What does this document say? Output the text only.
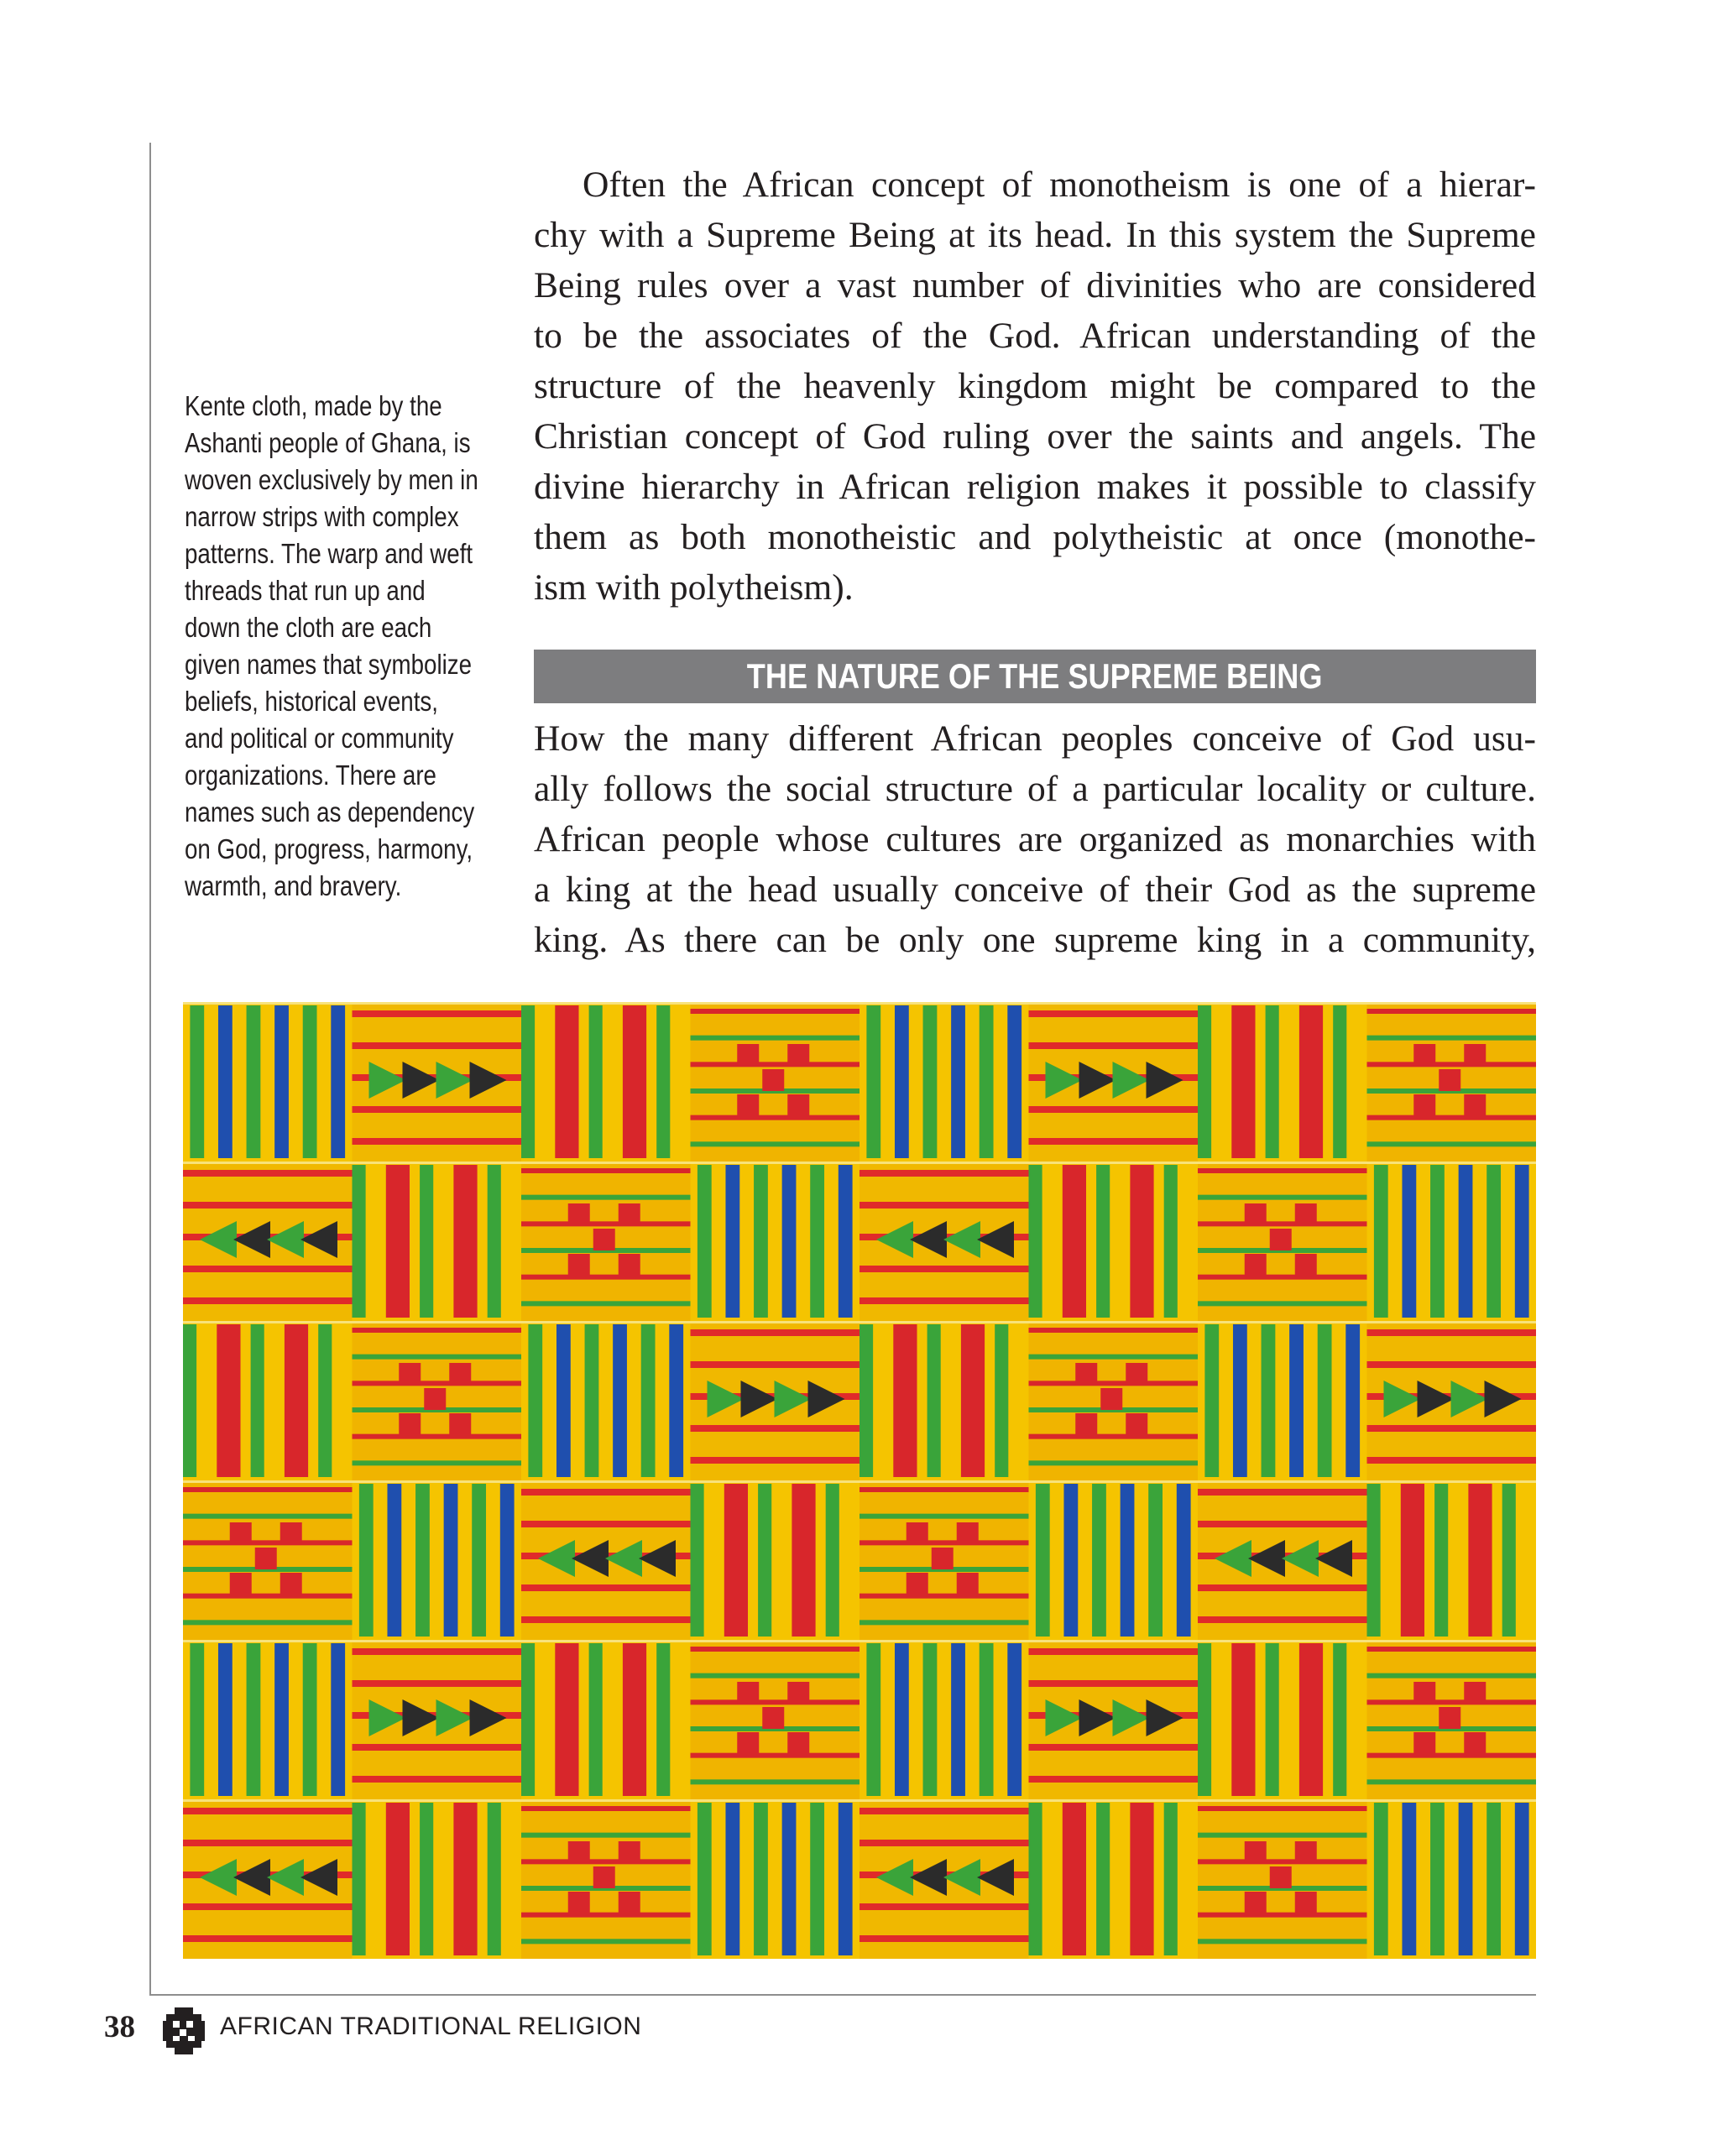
Kente cloth, made by the
Ashanti people of Ghana, is
woven exclusively by men in
narrow strips with complex
patterns. The warp and weft
threads that run up and
down the cloth are each
given names that symbolize
beliefs, historical events,
and political or community
organizations. There are
names such as dependency
on God, progress, harmony,
warmth, and bravery.
Often the African concept of monotheism is one of a hierar-
chy with a Supreme Being at its head. In this system the Supreme
Being rules over a vast number of divinities who are considered
to be the associates of the God. African understanding of the
structure of the heavenly kingdom might be compared to the
Christian concept of God ruling over the saints and angels. The
divine hierarchy in African religion makes it possible to classify
them as both monotheistic and polytheistic at once (monothe-
ism with polytheism).
THE NATURE OF THE SUPREME BEING
How the many different African peoples conceive of God usu-
ally follows the social structure of a particular locality or culture.
African people whose cultures are organized as monarchies with
a king at the head usually conceive of their God as the supreme
king. As there can be only one supreme king in a community,
38	AFRICAN TRADITIONAL RELIGION
